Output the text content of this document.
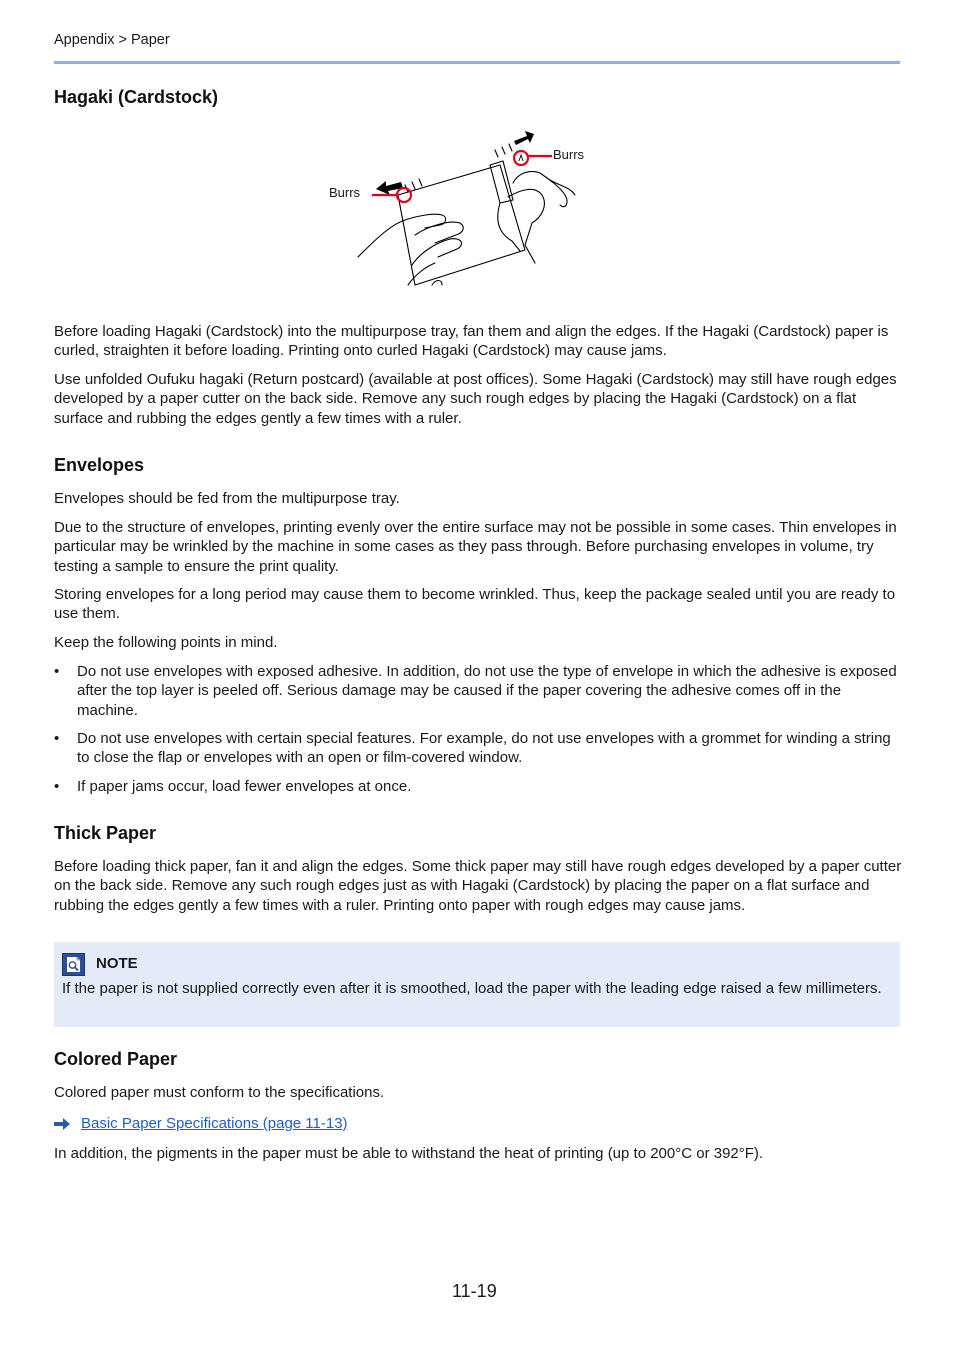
Appendix > Paper
Hagaki (Cardstock)
Burrs
Burrs

Before loading Hagaki (Cardstock) into the multipurpose tray, fan them and align the edges. If the Hagaki (Cardstock) paper is curled, straighten it before loading. Printing onto curled Hagaki (Cardstock) may cause jams.

Use unfolded Oufuku hagaki (Return postcard) (available at post offices). Some Hagaki (Cardstock) may still have rough edges developed by a paper cutter on the back side. Remove any such rough edges by placing the Hagaki (Cardstock) on a flat surface and rubbing the edges gently a few times with a ruler.

Envelopes

Envelopes should be fed from the multipurpose tray.

Due to the structure of envelopes, printing evenly over the entire surface may not be possible in some cases. Thin envelopes in particular may be wrinkled by the machine in some cases as they pass through. Before purchasing envelopes in volume, try testing a sample to ensure the print quality.

Storing envelopes for a long period may cause them to become wrinkled. Thus, keep the package sealed until you are ready to use them.

Keep the following points in mind.

• Do not use envelopes with exposed adhesive. In addition, do not use the type of envelope in which the adhesive is exposed after the top layer is peeled off. Serious damage may be caused if the paper covering the adhesive comes off in the machine.
• Do not use envelopes with certain special features. For example, do not use envelopes with a grommet for winding a string to close the flap or envelopes with an open or film-covered window.
• If paper jams occur, load fewer envelopes at once.
Thick Paper

Before loading thick paper, fan it and align the edges. Some thick paper may still have rough edges developed by a paper cutter on the back side. Remove any such rough edges just as with Hagaki (Cardstock) by placing the paper on a flat surface and rubbing the edges gently a few times with a ruler. Printing onto paper with rough edges may cause jams.

NOTE
If the paper is not supplied correctly even after it is smoothed, load the paper with the leading edge raised a few millimeters.
Colored Paper

Colored paper must conform to the specifications.

Basic Paper Specifications (page 11-13)

In addition, the pigments in the paper must be able to withstand the heat of printing (up to 200°C or 392°F).

11-19
